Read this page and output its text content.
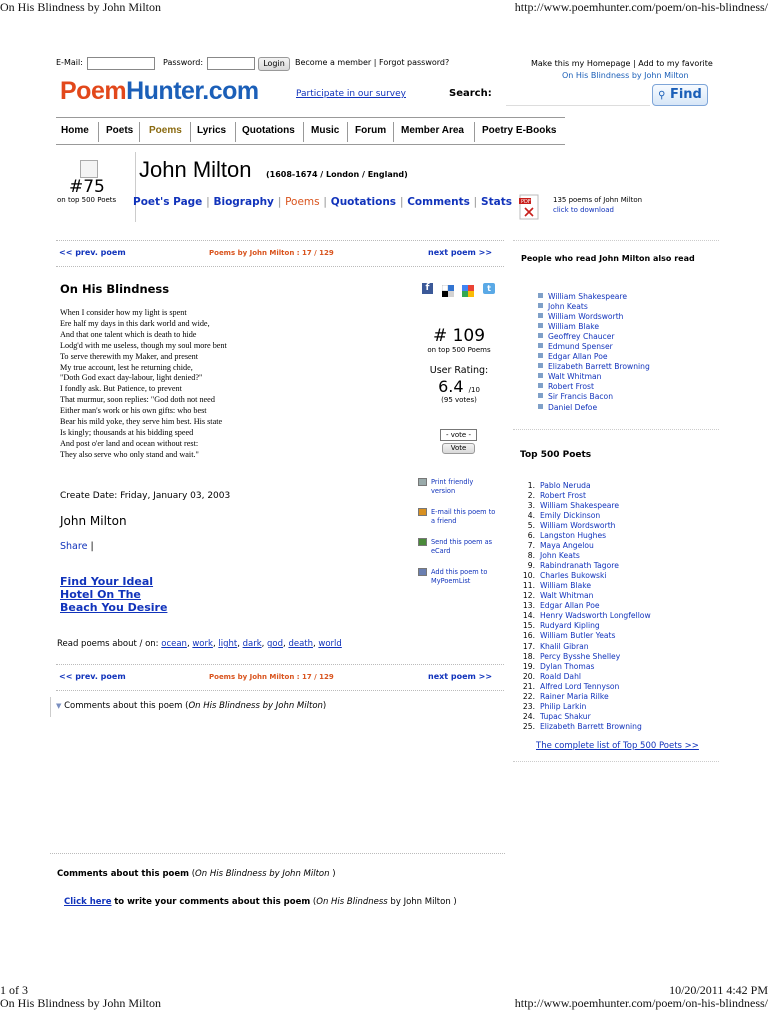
On His Blindness by John Milton	http://www.poemhunter.com/poem/on-his-blindness/
E-Mail:	Password:	Login	Become a member | Forgot password?	Make this my Homepage | Add to my favorite
On His Blindness by John Milton
PoemHunter.com	Participate in our survey	Search:	⚲ Find
Home Poets Poems Lyrics Quotations Music Forum Member Area Poetry E-Books
#75
on top 500 Poets
John Milton (1608-1674 / London / England)
Poet's Page | Biography | Poems | Quotations | Comments | Stats PDF	135 poems of John Milton
click to download
<< prev. poem	Poems by John Milton : 17 / 129	next poem >>
On His Blindness	f	t
When I consider how my light is spent
Ere half my days in this dark world and wide,
And that one talent which is death to hide
Lodg'd with me useless, though my soul more bent
To serve therewith my Maker, and present
My true account, lest he returning chide,
"Doth God exact day-labour, light denied?"
I fondly ask. But Patience, to prevent
That murmur, soon replies: "God doth not need
Either man's work or his own gifts: who best
Bear his mild yoke, they serve him best. His state
Is kingly; thousands at his bidding speed
And post o'er land and ocean without rest:
They also serve who only stand and wait."
# 109
on top 500 Poems
User Rating:
6.4 /10
(95 votes)
- vote -
Vote
Create Date: Friday, January 03, 2003
John Milton
Share |
Print friendly
version
E-mail this poem to
a friend
Send this poem as
eCard
Add this poem to
MyPoemList
Find Your Ideal
Hotel On The
Beach You Desire
Read poems about / on: ocean, work, light, dark, god, death, world
<< prev. poem	Poems by John Milton : 17 / 129	next poem >>
▼ Comments about this poem (On His Blindness by John Milton)
Comments about this poem (On His Blindness by John Milton )
Click here to write your comments about this poem (On His Blindness by John Milton )
People who read John Milton also read
William Shakespeare
John Keats
William Wordsworth
William Blake
Geoffrey Chaucer
Edmund Spenser
Edgar Allan Poe
Elizabeth Barrett Browning
Walt Whitman
Robert Frost
Sir Francis Bacon
Daniel Defoe
Top 500 Poets
1. Pablo Neruda
2. Robert Frost
3. William Shakespeare
4. Emily Dickinson
5. William Wordsworth
6. Langston Hughes
7. Maya Angelou
8. John Keats
9. Rabindranath Tagore
10. Charles Bukowski
11. William Blake
12. Walt Whitman
13. Edgar Allan Poe
14. Henry Wadsworth Longfellow
15. Rudyard Kipling
16. William Butler Yeats
17. Khalil Gibran
18. Percy Bysshe Shelley
19. Dylan Thomas
20. Roald Dahl
21. Alfred Lord Tennyson
22. Rainer Maria Rilke
23. Philip Larkin
24. Tupac Shakur
25. Elizabeth Barrett Browning
The complete list of Top 500 Poets >>
1 of 3	10/20/2011 4:42 PM
On His Blindness by John Milton	http://www.poemhunter.com/poem/on-his-blindness/
